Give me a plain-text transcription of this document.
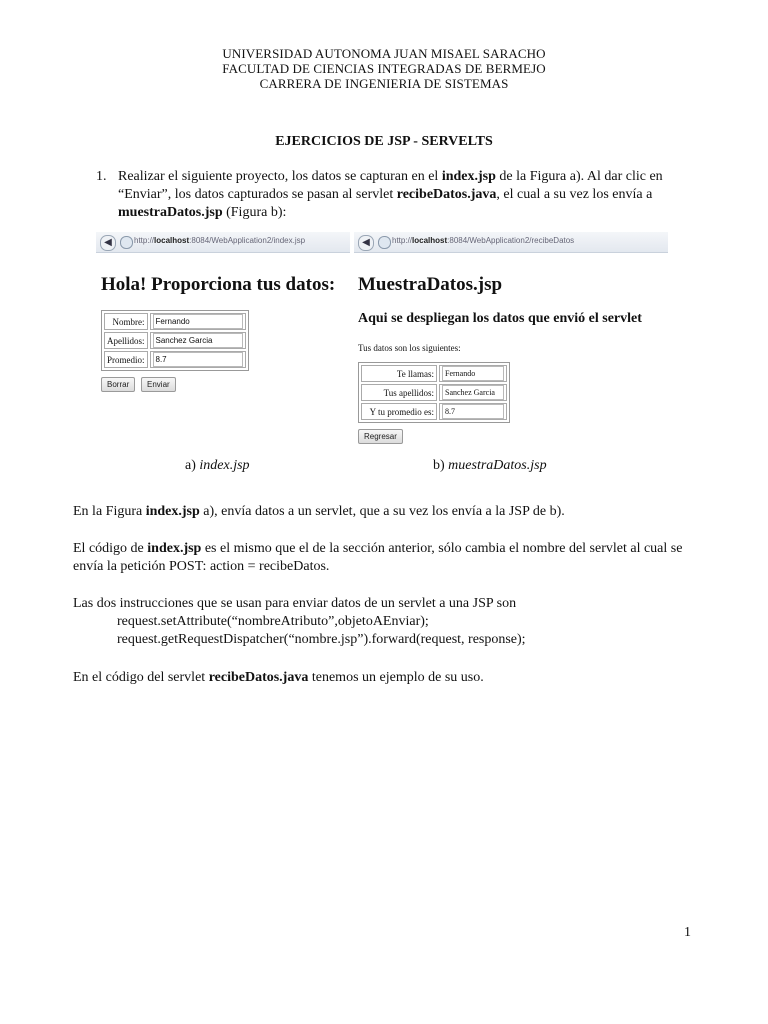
UNIVERSIDAD AUTONOMA JUAN MISAEL SARACHO
FACULTAD DE CIENCIAS INTEGRADAS DE BERMEJO
CARRERA DE INGENIERIA DE SISTEMAS
EJERCICIOS DE JSP - SERVELTS
1. Realizar el siguiente proyecto, los datos se capturan en el index.jsp de la Figura a). Al dar clic en “Enviar”, los datos capturados se pasan al servlet recibeDatos.java, el cual a su vez los envía a muestraDatos.jsp (Figura b):
◀	http://localhost:8084/WebApplication2/index.jsp
Hola! Proporciona tus datos:
Nombre:	Fernando

Apellidos:	Sanchez Garcia

Promedio:	8.7
Borrar	Enviar
◀	http://localhost:8084/WebApplication2/recibeDatos
MuestraDatos.jsp
Aqui se despliegan los datos que envió el servlet
Tus datos son los siguientes:
Te llamas:	Fernando

Tus apellidos:	Sanchez Garcia

Y tu promedio es:	8.7
Regresar
a) index.jsp	b) muestraDatos.jsp
En la Figura index.jsp a), envía datos a un servlet, que a su vez los envía a la JSP de b).
El código de index.jsp es el mismo que el de la sección anterior, sólo cambia el nombre del servlet al cual se envía la petición POST: action = recibeDatos.
Las dos instrucciones que se usan para enviar datos de un servlet a una JSP son
request.setAttribute(“nombreAtributo”,objetoAEnviar);
request.getRequestDispatcher(“nombre.jsp”).forward(request, response);
En el código del servlet recibeDatos.java tenemos un ejemplo de su uso.
1
